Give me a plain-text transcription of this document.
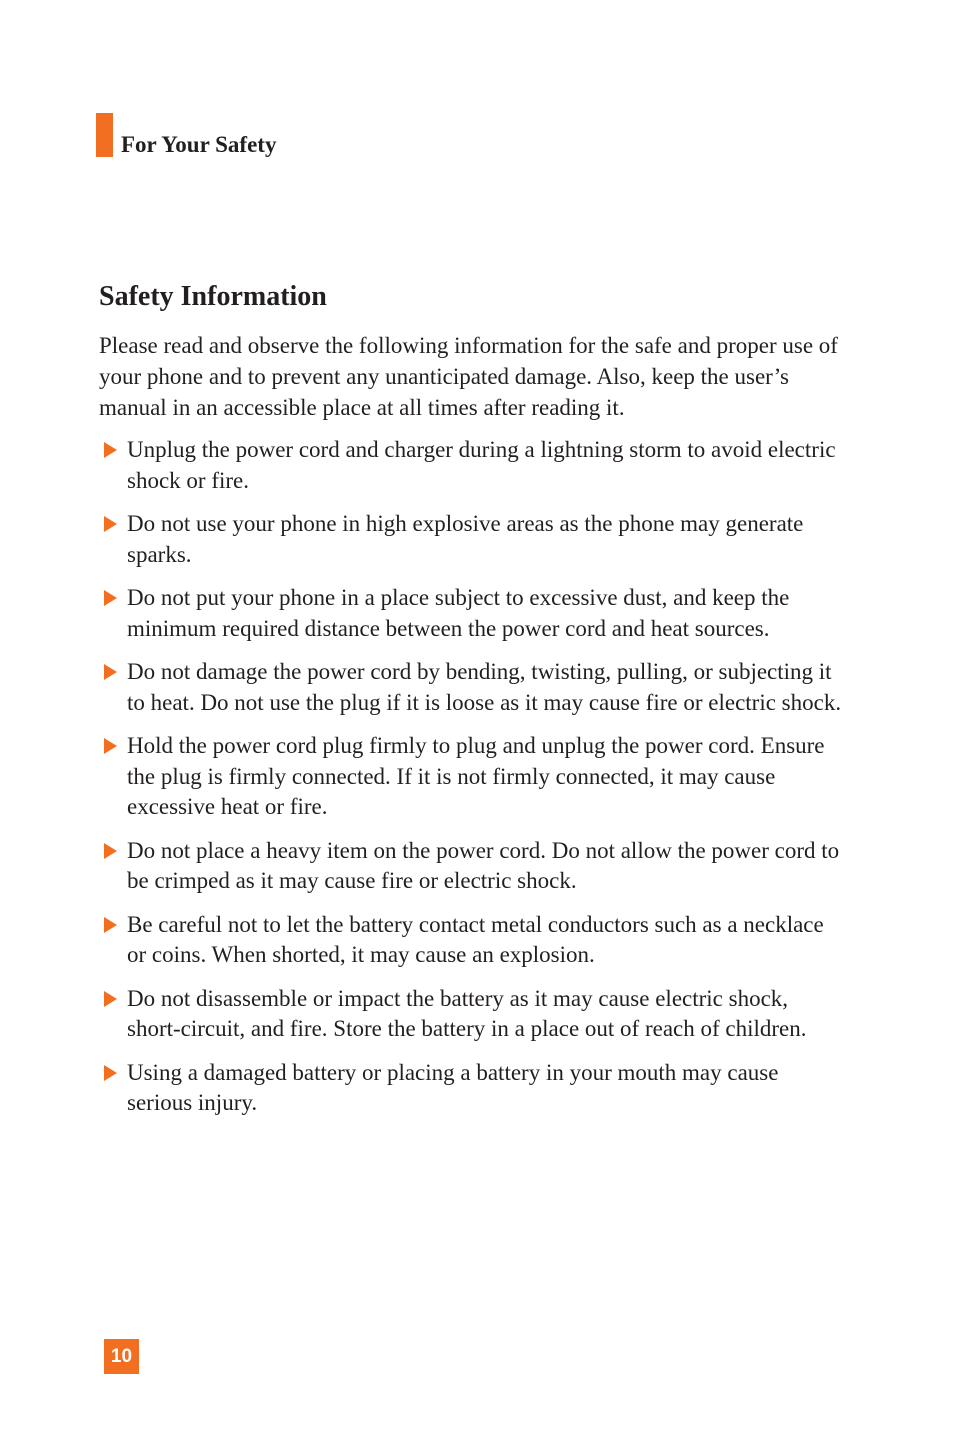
For Your Safety
Safety Information

Please read and observe the following information for the safe and proper use of your phone and to prevent any unanticipated damage. Also, keep the user’s manual in an accessible place at all times after reading it.

Unplug the power cord and charger during a lightning storm to avoid electric shock or fire.
Do not use your phone in high explosive areas as the phone may generate sparks.
Do not put your phone in a place subject to excessive dust, and keep the minimum required distance between the power cord and heat sources.
Do not damage the power cord by bending, twisting, pulling, or subjecting it to heat. Do not use the plug if it is loose as it may cause fire or electric shock.
Hold the power cord plug firmly to plug and unplug the power cord. Ensure the plug is firmly connected. If it is not firmly connected, it may cause excessive heat or fire.
Do not place a heavy item on the power cord. Do not allow the power cord to be crimped as it may cause fire or electric shock.
Be careful not to let the battery contact metal conductors such as a necklace or coins. When shorted, it may cause an explosion.
Do not disassemble or impact the battery as it may cause electric shock, short-circuit, and fire. Store the battery in a place out of reach of children.
Using a damaged battery or placing a battery in your mouth may cause serious injury.
10
